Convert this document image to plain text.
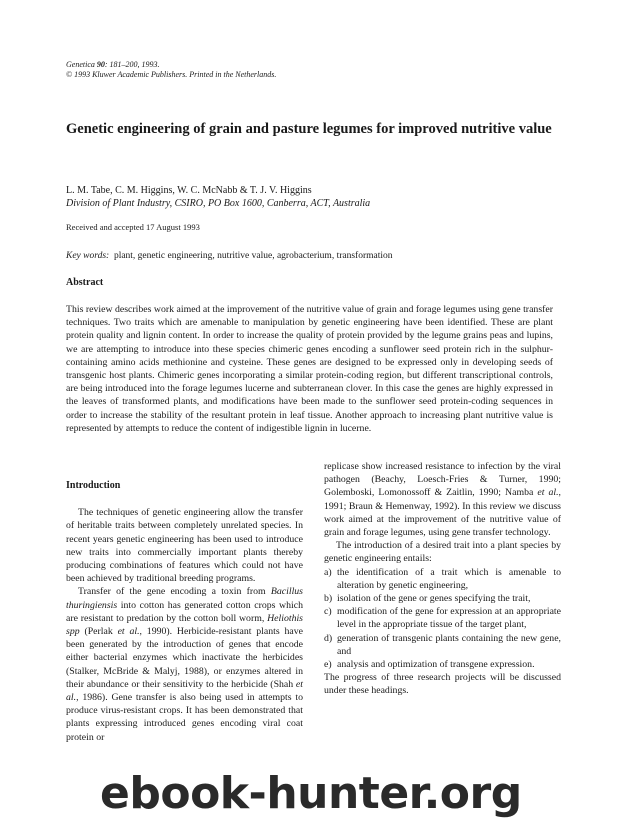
Genetica 90: 181–200, 1993.
© 1993 Kluwer Academic Publishers. Printed in the Netherlands.
Genetic engineering of grain and pasture legumes for improved nutritive value
L. M. Tabe, C. M. Higgins, W. C. McNabb & T. J. V. Higgins
Division of Plant Industry, CSIRO, PO Box 1600, Canberra, ACT, Australia
Received and accepted 17 August 1993
Key words: plant, genetic engineering, nutritive value, agrobacterium, transformation
Abstract
This review describes work aimed at the improvement of the nutritive value of grain and forage legumes using gene transfer techniques. Two traits which are amenable to manipulation by genetic engineering have been identified. These are plant protein quality and lignin content. In order to increase the quality of protein provided by the legume grains peas and lupins, we are attempting to introduce into these species chimeric genes encoding a sunflower seed protein rich in the sulphur-containing amino acids methionine and cysteine. These genes are designed to be expressed only in developing seeds of transgenic host plants. Chimeric genes incorporating a similar protein-coding region, but different transcriptional controls, are being introduced into the forage legumes lucerne and subterranean clover. In this case the genes are highly expressed in the leaves of transformed plants, and modifications have been made to the sunflower seed protein-coding sequences in order to increase the stability of the resultant protein in leaf tissue. Another approach to increasing plant nutritive value is represented by attempts to reduce the content of indigestible lignin in lucerne.

Introduction

The techniques of genetic engineering allow the transfer of heritable traits between completely unrelated species. In recent years genetic engineering has been used to introduce new traits into commercially important plants thereby producing combinations of features which could not have been achieved by traditional breeding programs.

Transfer of the gene encoding a toxin from Bacillus thuringiensis into cotton has generated cotton crops which are resistant to predation by the cotton boll worm, Heliothis spp (Perlak et al., 1990). Herbicide-resistant plants have been generated by the introduction of genes that encode either bacterial enzymes which inactivate the herbicides (Stalker, McBride & Malyj, 1988), or enzymes altered in their abundance or their sensitivity to the herbicide (Shah et al., 1986). Gene transfer is also being used in attempts to produce virus-resistant crops. It has been demonstrated that plants expressing introduced genes encoding viral coat protein or

replicase show increased resistance to infection by the viral pathogen (Beachy, Loesch-Fries & Turner, 1990; Golemboski, Lomonossoff & Zaitlin, 1990; Namba et al., 1991; Braun & Hemenway, 1992). In this review we discuss work aimed at the improvement of the nutritive value of grain and forage legumes, using gene transfer technology.

The introduction of a desired trait into a plant species by genetic engineering entails:

a) the identification of a trait which is amenable to alteration by genetic engineering,
b) isolation of the gene or genes specifying the trait,
c) modification of the gene for expression at an appropriate level in the appropriate tissue of the target plant,
d) generation of transgenic plants containing the new gene, and
e) analysis and optimization of transgene expression.

The progress of three research projects will be discussed under these headings.

ebook-hunter.org
